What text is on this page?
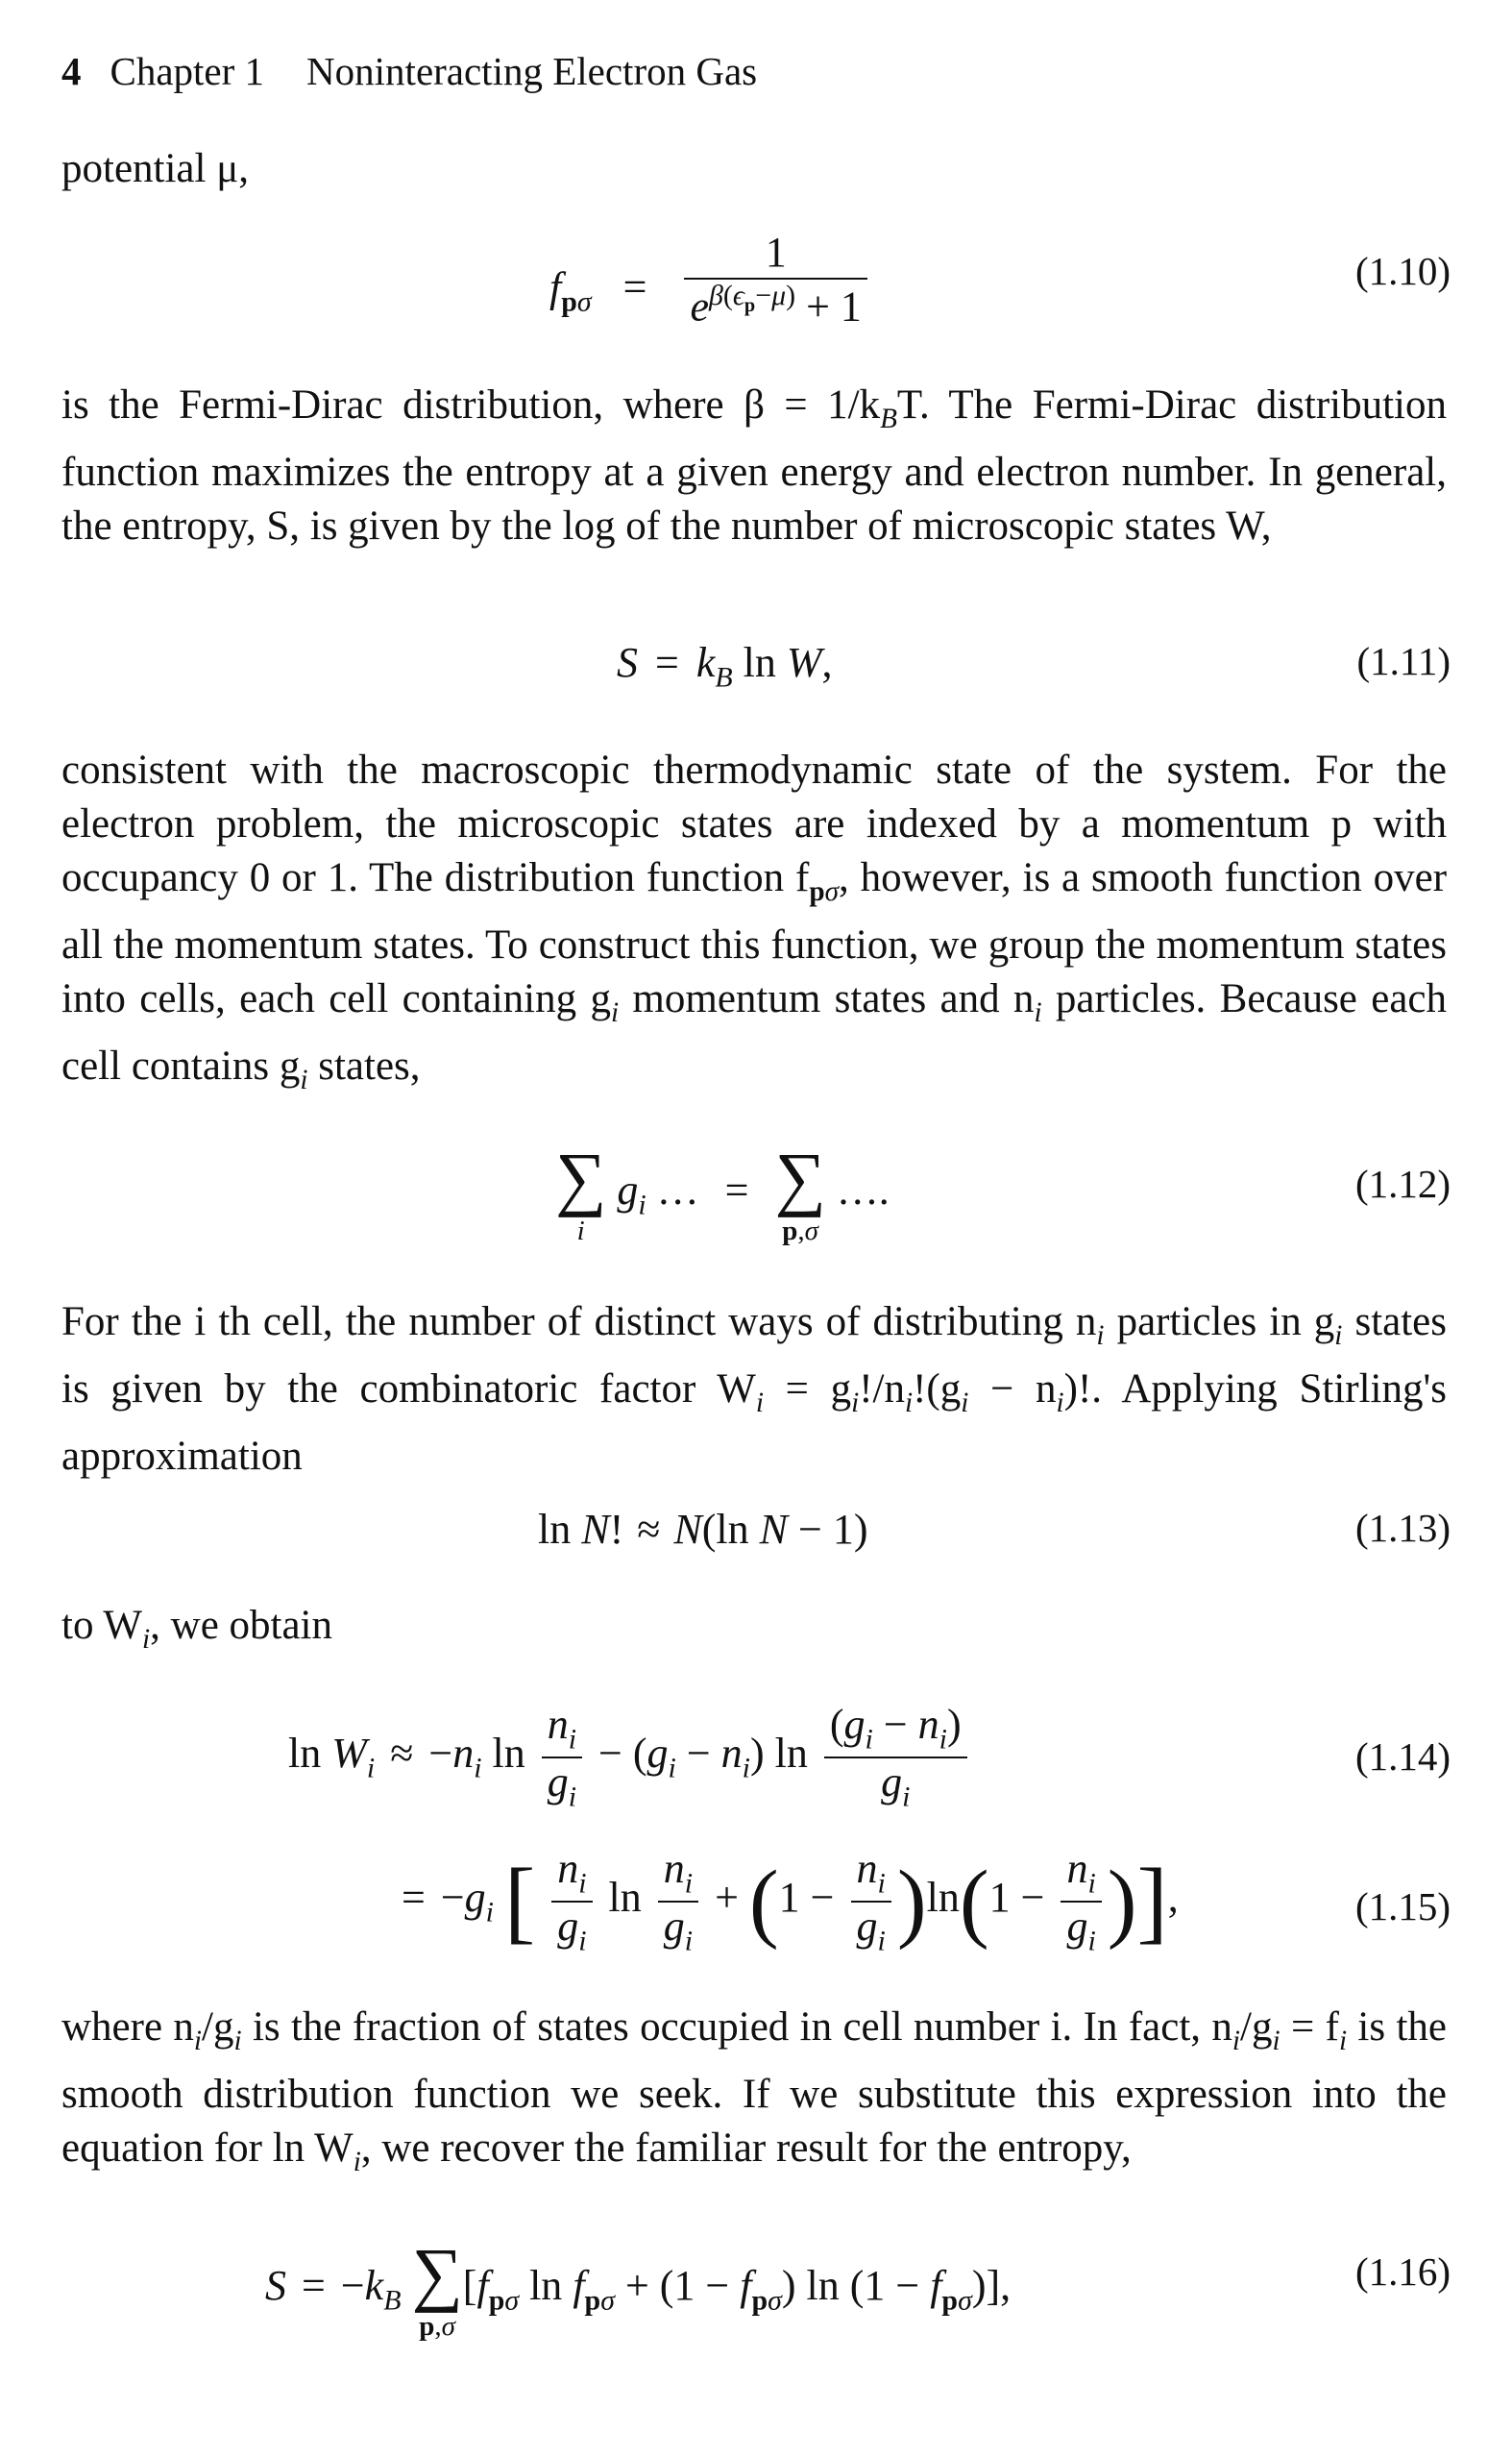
4 Chapter 1 Noninteracting Electron Gas

potential μ,

$f_{p\sigma} = \frac{1}{e^{\beta(\epsilon_p-\mu)} + 1}$	(1.10)

is the Fermi-Dirac distribution, where $\beta = 1/k_BT$. The Fermi-Dirac distribution function maximizes the entropy at a given energy and electron number. In general, the entropy, S, is given by the log of the number of microscopic states W,

$S = k_B$ ln W,	(1.11)

consistent with the macroscopic thermodynamic state of the system. For the electron problem, the microscopic states are indexed by a momentum p with occupancy 0 or 1. The distribution function $f_{p\sigma}$, however, is a smooth function over all the momentum states. To construct this function, we group the momentum states into cells, each cell containing $g_i$ momentum states and $n_i$ particles. Because each cell contains $g_i$ states,

∑
i
$g_i$ … = ∑
p,σ
….	(1.12)

For the i th cell, the number of distinct ways of distributing $n_i$ particles in $g_i$ states is given by the combinatoric factor $W_i = g_i!/n_i!(g_i - n_i)$!. Applying Stirling's approximation

ln N! ≈ N(ln N − 1)	(1.13)

to $W_i$, we obtain

$\ln W_i \approx -n_i$ $\ln \frac{n_i}{g_i} - (g_i - n_i)$ $\ln \frac{(g_i - n_i)}{g_i}$	(1.14)
= $-g_i$ [ $\frac{n_i}{g_i}$ $\ln \frac{n_i}{g_i} + (1 - \frac{n_i}{g_i} )\ln(1 - \frac{n_i}{g_i}$ )],	(1.15)

where $n_i/g_i$ is the fraction of states occupied in cell number i. In fact, $n_i/g_i = f_i$ is the smooth distribution function we seek. If we substitute this expression into the equation for $\ln W_i$, we recover the familiar result for the entropy,

$S = -k_B$ ∑
p,σ
[$f_{p\sigma}$ $\ln f_{p\sigma} + (1 - f_{p\sigma})$ $\ln (1 - f_{p\sigma})$],	(1.16)
